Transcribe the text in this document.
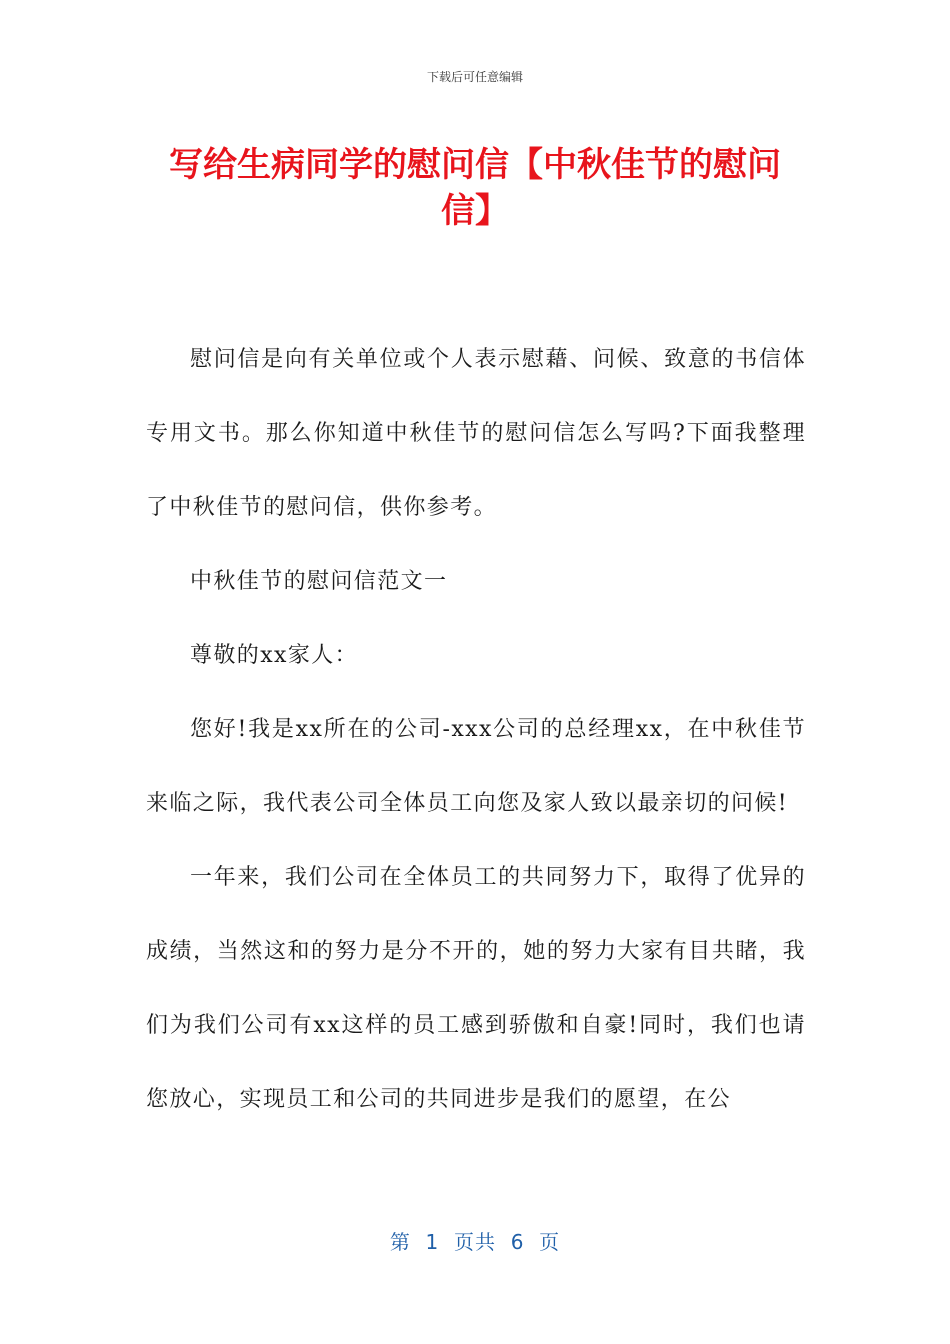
下载后可任意编辑
写给生病同学的慰问信【中秋佳节的慰问信】

慰问信是向有关单位或个人表示慰藉、问候、致意的书信体专用文书。那么你知道中秋佳节的慰问信怎么写吗?下面我整理了中秋佳节的慰问信，供你参考。

中秋佳节的慰问信范文一

尊敬的xx家人：

您好!我是xx所在的公司-xxx公司的总经理xx，在中秋佳节来临之际，我代表公司全体员工向您及家人致以最亲切的问候!

一年来，我们公司在全体员工的共同努力下，取得了优异的成绩，当然这和的努力是分不开的，她的努力大家有目共睹，我们为我们公司有xx这样的员工感到骄傲和自豪!同时，我们也请您放心，实现员工和公司的共同进步是我们的愿望，在公

第  1  页共  6  页
